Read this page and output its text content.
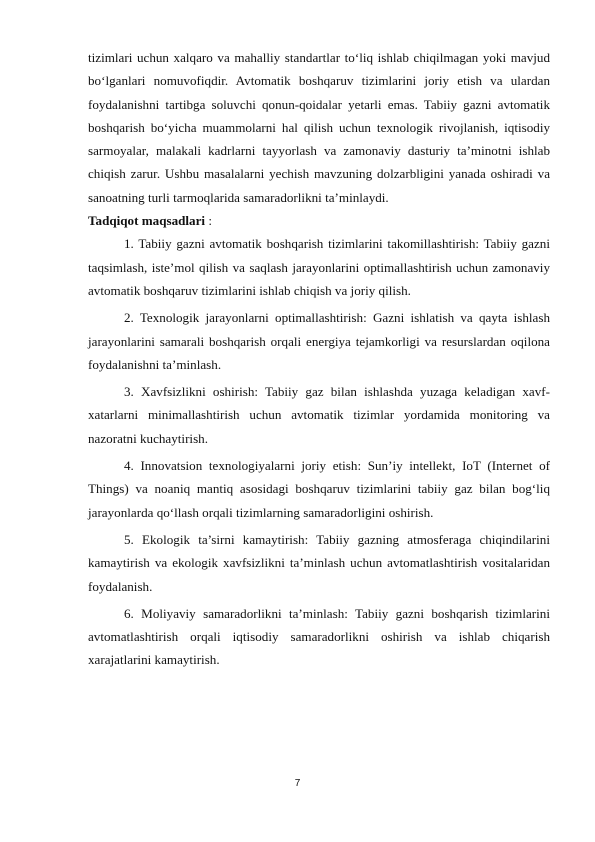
tizimlari uchun xalqaro va mahalliy standartlar to‘liq ishlab chiqilmagan yoki mavjud bo‘lganlari nomuvofiqdir. Avtomatik boshqaruv tizimlarini joriy etish va ulardan foydalanishni tartibga soluvchi qonun-qoidalar yetarli emas. Tabiiy gazni avtomatik boshqarish bo‘yicha muammolarni hal qilish uchun texnologik rivojlanish, iqtisodiy sarmoyalar, malakali kadrlarni tayyorlash va zamonaviy dasturiy ta’minotni ishlab chiqish zarur. Ushbu masalalarni yechish mavzuning dolzarbligini yanada oshiradi va sanoatning turli tarmoqlarida samaradorlikni ta’minlaydi.

Tadqiqot maqsadlari :

1. Tabiiy gazni avtomatik boshqarish tizimlarini takomillashtirish: Tabiiy gazni taqsimlash, iste’mol qilish va saqlash jarayonlarini optimallashtirish uchun zamonaviy avtomatik boshqaruv tizimlarini ishlab chiqish va joriy qilish.

2. Texnologik jarayonlarni optimallashtirish: Gazni ishlatish va qayta ishlash jarayonlarini samarali boshqarish orqali energiya tejamkorligi va resurslardan oqilona foydalanishni ta’minlash.

3. Xavfsizlikni oshirish: Tabiiy gaz bilan ishlashda yuzaga keladigan xavf-xatarlarni minimallashtirish uchun avtomatik tizimlar yordamida monitoring va nazoratni kuchaytirish.

4. Innovatsion texnologiyalarni joriy etish: Sun’iy intellekt, IoT (Internet of Things) va noaniq mantiq asosidagi boshqaruv tizimlarini tabiiy gaz bilan bog‘liq jarayonlarda qo‘llash orqali tizimlarning samaradorligini oshirish.

5. Ekologik ta’sirni kamaytirish: Tabiiy gazning atmosferaga chiqindilarini kamaytirish va ekologik xavfsizlikni ta’minlash uchun avtomatlashtirish vositalaridan foydalanish.

6. Moliyaviy samaradorlikni ta’minlash: Tabiiy gazni boshqarish tizimlarini avtomatlashtirish orqali iqtisodiy samaradorlikni oshirish va ishlab chiqarish xarajatlarini kamaytirish.

7
